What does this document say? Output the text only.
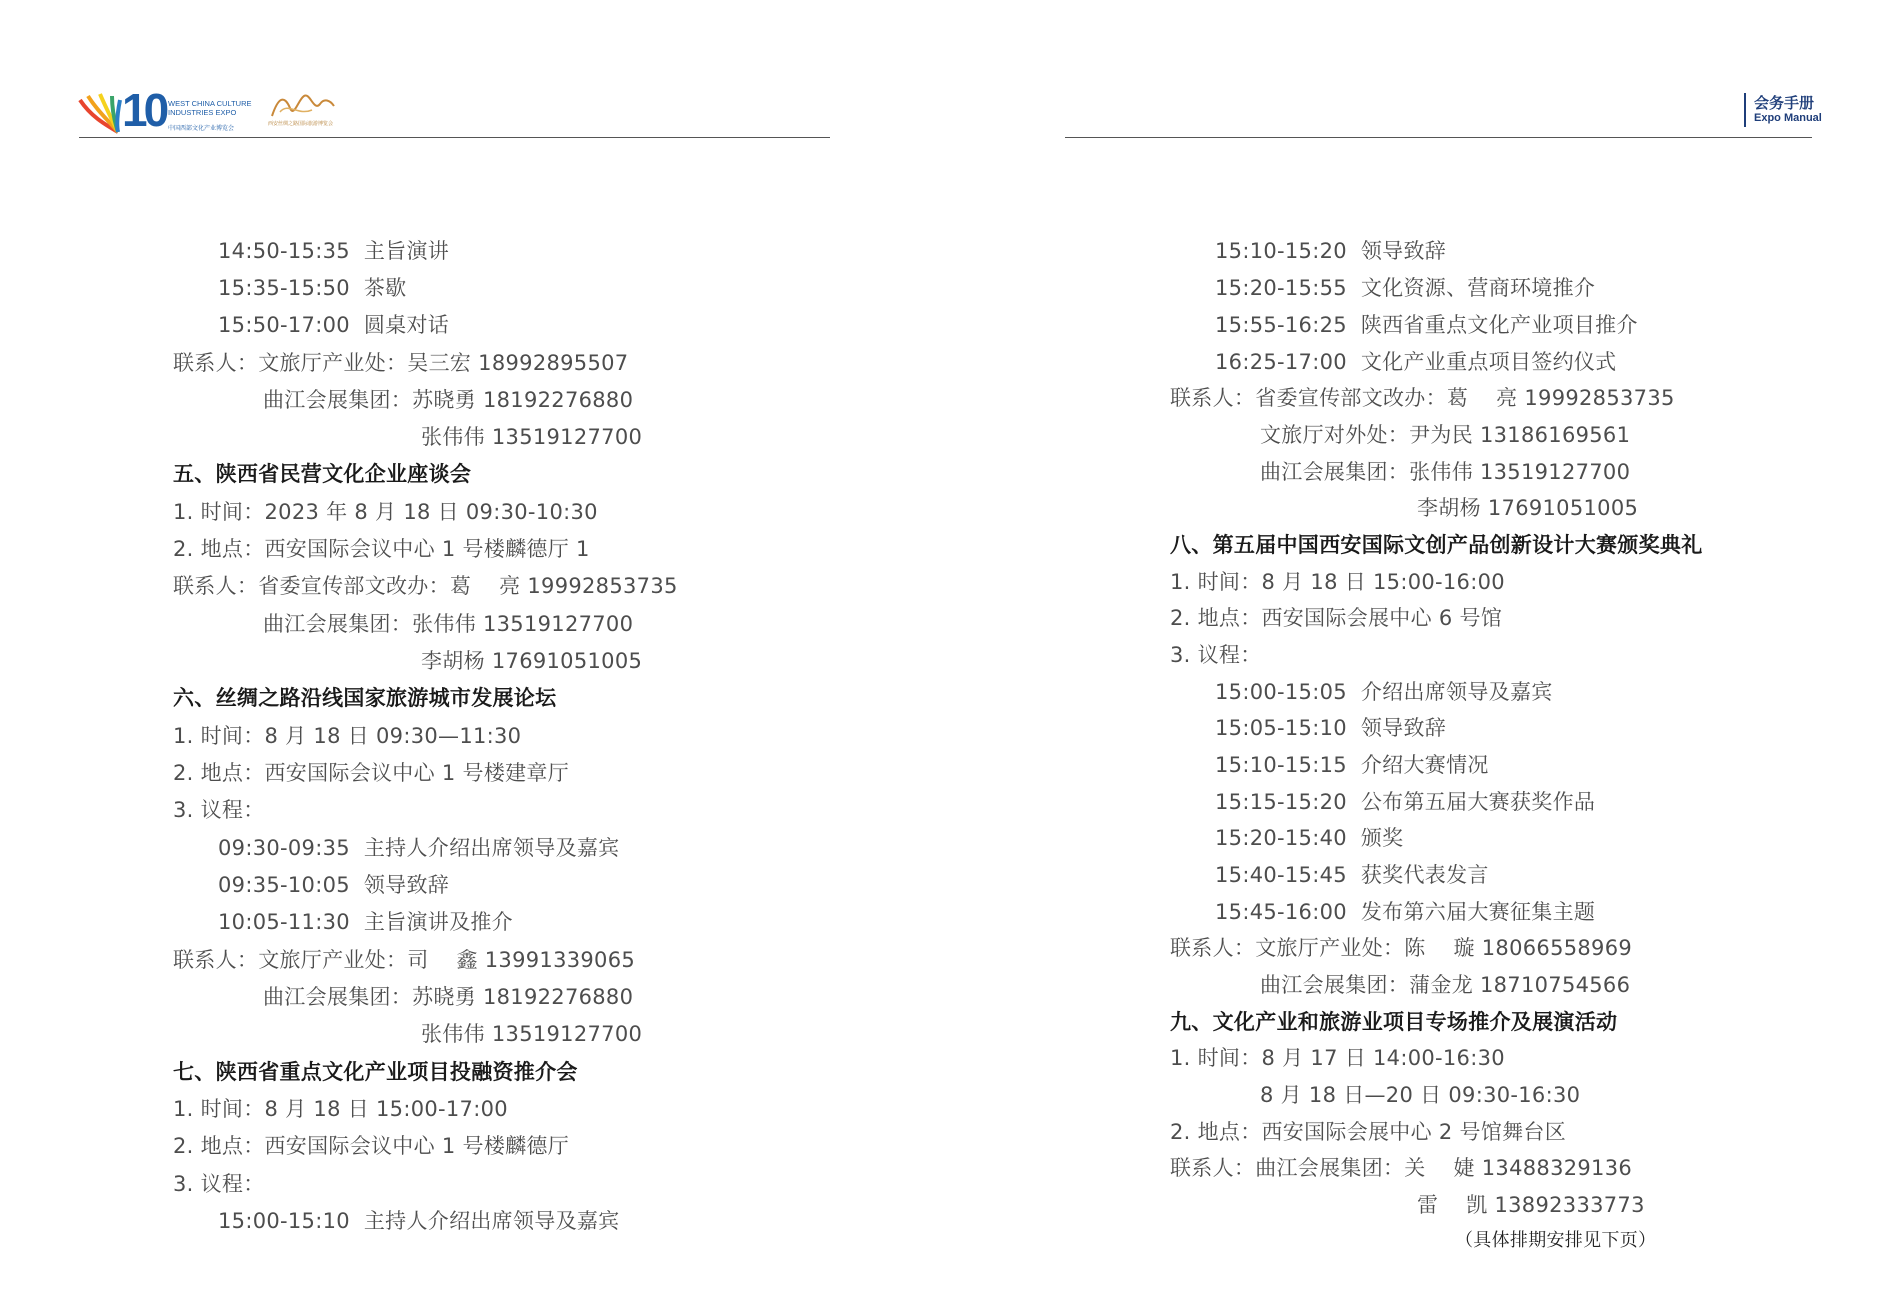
10 WEST CHINA CULTURE
INDUSTRIES EXPO
中国西部文化产业博览会
西安丝绸之路国际旅游博览会
14:50-15:35  主旨演讲
15:35-15:50  茶歇
15:50-17:00  圆桌对话
联系人：文旅厅产业处：吴三宏 18992895507
曲江会展集团：苏晓勇 18192276880
张伟伟 13519127700
五、陕西省民营文化企业座谈会
1. 时间：2023 年 8 月 18 日 09:30-10:30
2. 地点：西安国际会议中心 1 号楼麟德厅 1
联系人：省委宣传部文改办：葛    亮 19992853735
曲江会展集团：张伟伟 13519127700
李胡杨 17691051005
六、丝绸之路沿线国家旅游城市发展论坛
1. 时间：8 月 18 日 09:30—11:30
2. 地点：西安国际会议中心 1 号楼建章厅
3. 议程：
09:30-09:35  主持人介绍出席领导及嘉宾
09:35-10:05  领导致辞
10:05-11:30  主旨演讲及推介
联系人：文旅厅产业处：司    鑫 13991339065
曲江会展集团：苏晓勇 18192276880
张伟伟 13519127700
七、陕西省重点文化产业项目投融资推介会
1. 时间：8 月 18 日 15:00-17:00
2. 地点：西安国际会议中心 1 号楼麟德厅
3. 议程：
15:00-15:10  主持人介绍出席领导及嘉宾
会务手册
Expo Manual
15:10-15:20  领导致辞
15:20-15:55  文化资源、营商环境推介
15:55-16:25  陕西省重点文化产业项目推介
16:25-17:00  文化产业重点项目签约仪式
联系人：省委宣传部文改办：葛    亮 19992853735
文旅厅对外处：尹为民 13186169561
曲江会展集团：张伟伟 13519127700
李胡杨 17691051005
八、第五届中国西安国际文创产品创新设计大赛颁奖典礼
1. 时间：8 月 18 日 15:00-16:00
2. 地点：西安国际会展中心 6 号馆
3. 议程：
15:00-15:05  介绍出席领导及嘉宾
15:05-15:10  领导致辞
15:10-15:15  介绍大赛情况
15:15-15:20  公布第五届大赛获奖作品
15:20-15:40  颁奖
15:40-15:45  获奖代表发言
15:45-16:00  发布第六届大赛征集主题
联系人：文旅厅产业处：陈    璇 18066558969
曲江会展集团：蒲金龙 18710754566
九、文化产业和旅游业项目专场推介及展演活动
1. 时间：8 月 17 日 14:00-16:30
8 月 18 日—20 日 09:30-16:30
2. 地点：西安国际会展中心 2 号馆舞台区
联系人：曲江会展集团：关    婕 13488329136
雷    凯 13892333773
（具体排期安排见下页）
